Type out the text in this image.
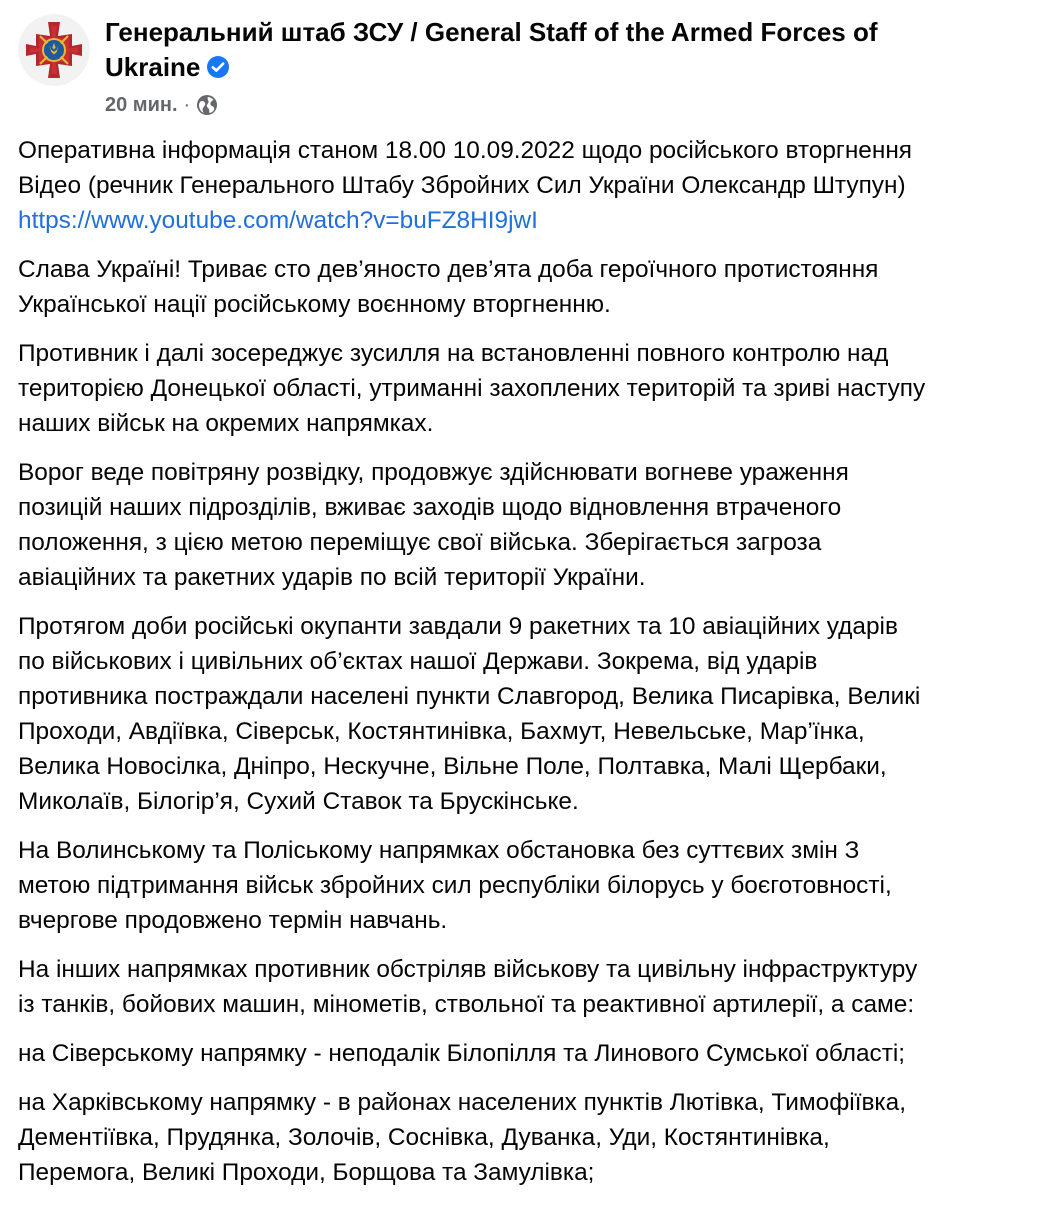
Генеральний штаб ЗСУ / General Staff of the Armed Forces of
Ukraine
20 мин. ·
Оперативна інформація станом 18.00 10.09.2022 щодо російського вторгнення
Відео (речник Генерального Штабу Збройних Сил України Олександр Штупун)
https://www.youtube.com/watch?v=buFZ8HI9jwI
Слава Україні! Триває сто дев’яносто дев’ята доба героїчного протистояння
Української нації російському воєнному вторгненню.
Противник і далі зосереджує зусилля на встановленні повного контролю над
територією Донецької області, утриманні захоплених територій та зриві наступу
наших військ на окремих напрямках.
Ворог веде повітряну розвідку, продовжує здійснювати вогневе ураження
позицій наших підрозділів, вживає заходів щодо відновлення втраченого
положення, з цією метою переміщує свої війська. Зберігається загроза
авіаційних та ракетних ударів по всій території України.
Протягом доби російські окупанти завдали 9 ракетних та 10 авіаційних ударів
по військових і цивільних об’єктах нашої Держави. Зокрема, від ударів
противника постраждали населені пункти Славгород, Велика Писарівка, Великі
Проходи, Авдіївка, Сіверськ, Костянтинівка, Бахмут, Невельське, Мар’їнка,
Велика Новосілка, Дніпро, Нескучне, Вільне Поле, Полтавка, Малі Щербаки,
Миколаїв, Білогір’я, Сухий Ставок та Брускінське.
На Волинському та Поліському напрямках обстановка без суттєвих змін З
метою підтримання військ збройних сил республіки білорусь у боєготовності,
вчергове продовжено термін навчань.
На інших напрямках противник обстріляв військову та цивільну інфраструктуру
із танків, бойових машин, мінометів, ствольної та реактивної артилерії, а саме:
на Сіверському напрямку - неподалік Білопілля та Линового Сумської області;
на Харківському напрямку - в районах населених пунктів Лютівка, Тимофіївка,
Дементіївка, Прудянка, Золочів, Соснівка, Дуванка, Уди, Костянтинівка,
Перемога, Великі Проходи, Борщова та Замулівка;
